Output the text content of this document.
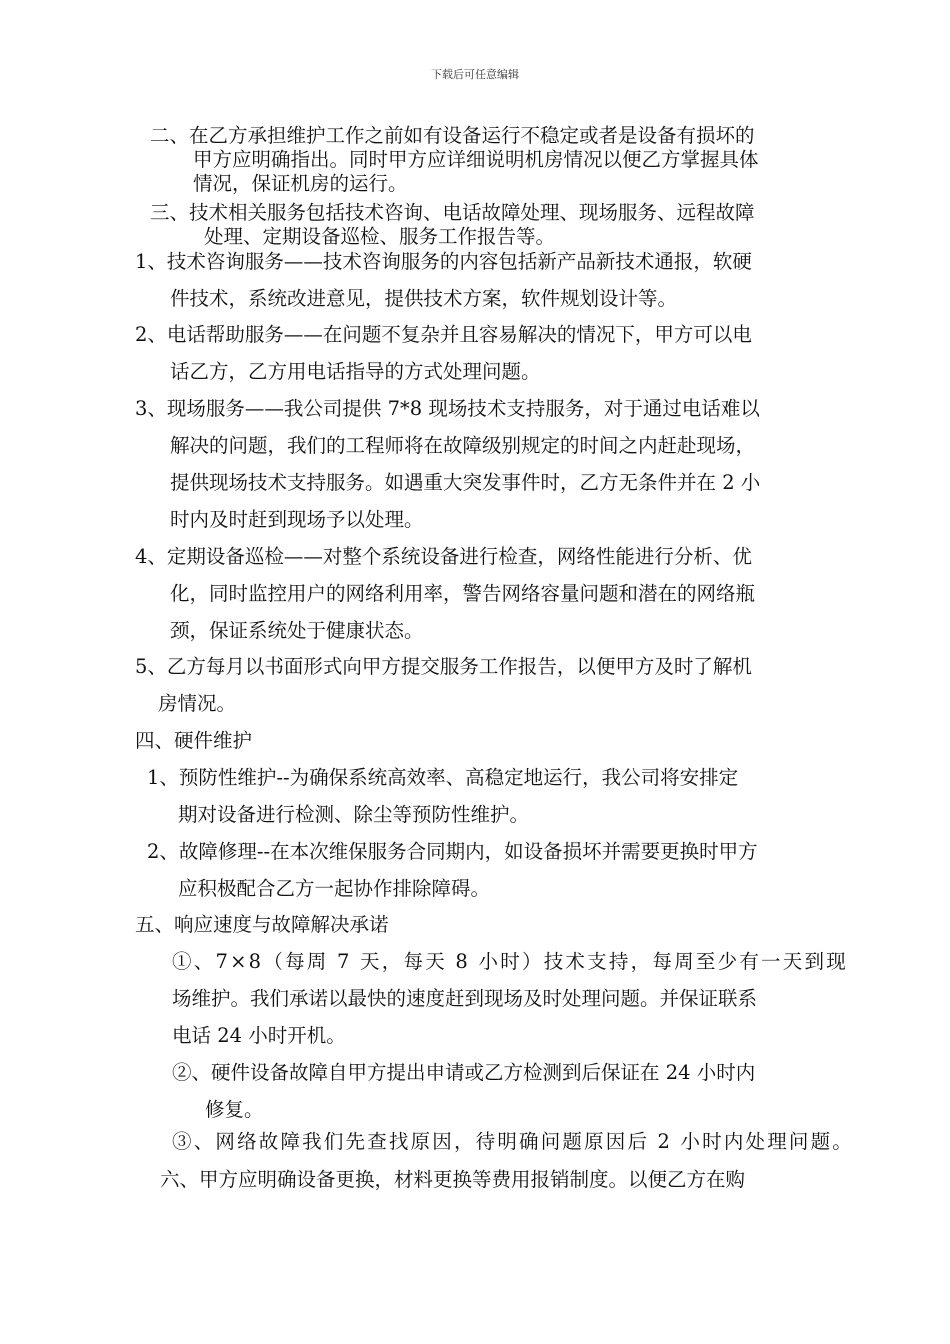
下载后可任意编辑
二、在乙方承担维护工作之前如有设备运行不稳定或者是设备有损坏的
甲方应明确指出。同时甲方应详细说明机房情况以便乙方掌握具体
情况，保证机房的运行。
三、技术相关服务包括技术咨询、电话故障处理、现场服务、远程故障
处理、定期设备巡检、服务工作报告等。
1、技术咨询服务——技术咨询服务的内容包括新产品新技术通报，软硬
件技术，系统改进意见，提供技术方案，软件规划设计等。
2、电话帮助服务——在问题不复杂并且容易解决的情况下，甲方可以电
话乙方，乙方用电话指导的方式处理问题。
3、现场服务——我公司提供 7*8 现场技术支持服务，对于通过电话难以
解决的问题，我们的工程师将在故障级别规定的时间之内赶赴现场，
提供现场技术支持服务。如遇重大突发事件时，乙方无条件并在 2 小
时内及时赶到现场予以处理。
4、定期设备巡检——对整个系统设备进行检查，网络性能进行分析、优
化，同时监控用户的网络利用率，警告网络容量问题和潜在的网络瓶
颈，保证系统处于健康状态。
5、乙方每月以书面形式向甲方提交服务工作报告，以便甲方及时了解机
房情况。
四、硬件维护
1、预防性维护--为确保系统高效率、高稳定地运行，我公司将安排定
期对设备进行检测、除尘等预防性维护。
2、故障修理--在本次维保服务合同期内，如设备损坏并需要更换时甲方
应积极配合乙方一起协作排除障碍。
五、响应速度与故障解决承诺
①、7×8（每周 7 天，每天 8 小时）技术支持，每周至少有一天到现
场维护。我们承诺以最快的速度赶到现场及时处理问题。并保证联系
电话 24 小时开机。
②、硬件设备故障自甲方提出申请或乙方检测到后保证在 24 小时内
修复。
③、网络故障我们先查找原因，待明确问题原因后 2 小时内处理问题。
六、甲方应明确设备更换，材料更换等费用报销制度。以便乙方在购
